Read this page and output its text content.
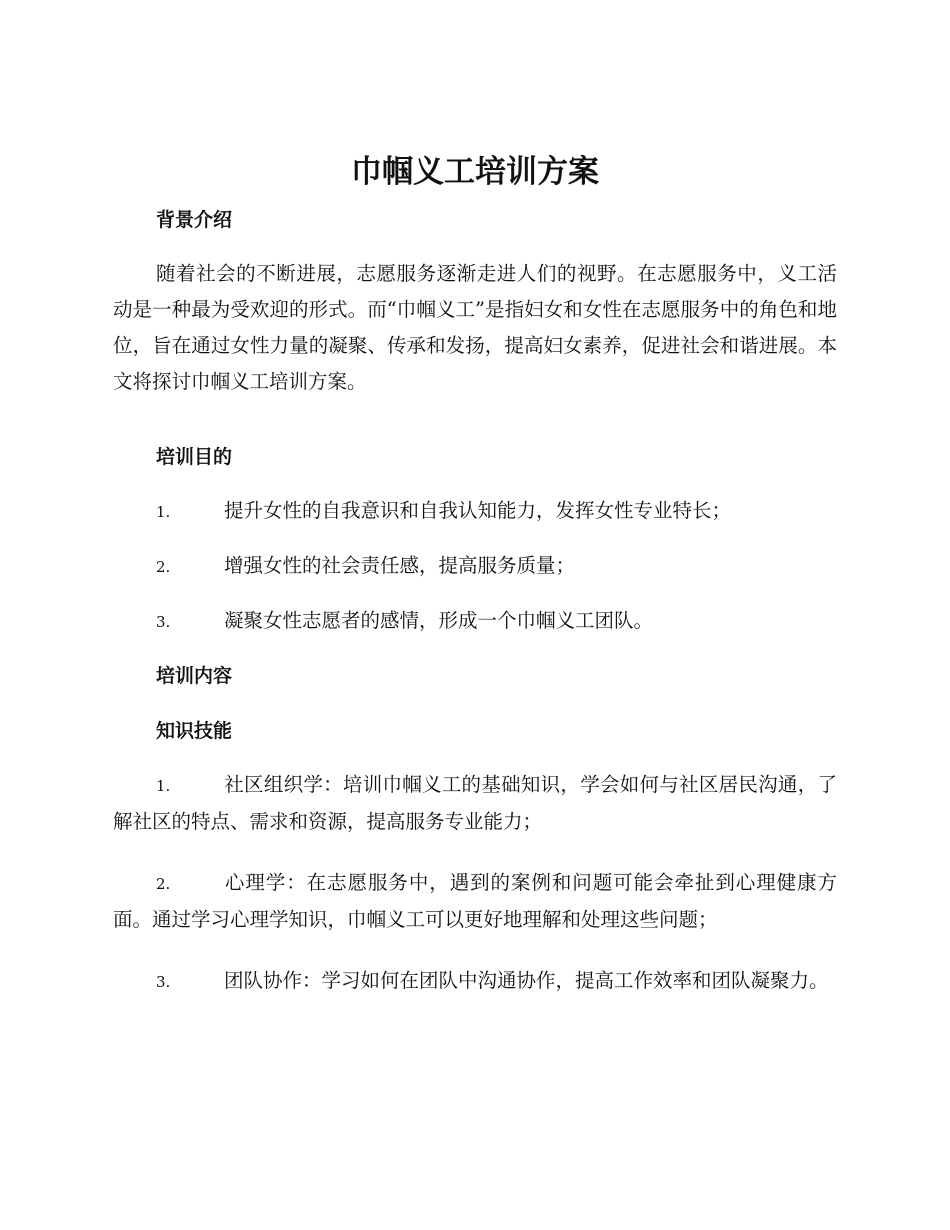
巾帼义工培训方案
背景介绍

随着社会的不断进展，志愿服务逐渐走进人们的视野。在志愿服务中，义工活动是一种最为受欢迎的形式。而“巾帼义工”是指妇女和女性在志愿服务中的角色和地位，旨在通过女性力量的凝聚、传承和发扬，提高妇女素养，促进社会和谐进展。本文将探讨巾帼义工培训方案。

培训目的

1.	提升女性的自我意识和自我认知能力，发挥女性专业特长；

2.	增强女性的社会责任感，提高服务质量；

3.	凝聚女性志愿者的感情，形成一个巾帼义工团队。

培训内容
知识技能

1.	社区组织学：培训巾帼义工的基础知识，学会如何与社区居民沟通，了解社区的特点、需求和资源，提高服务专业能力；

2.	心理学：在志愿服务中，遇到的案例和问题可能会牵扯到心理健康方面。通过学习心理学知识，巾帼义工可以更好地理解和处理这些问题；

3.	团队协作：学习如何在团队中沟通协作，提高工作效率和团队凝聚力。
